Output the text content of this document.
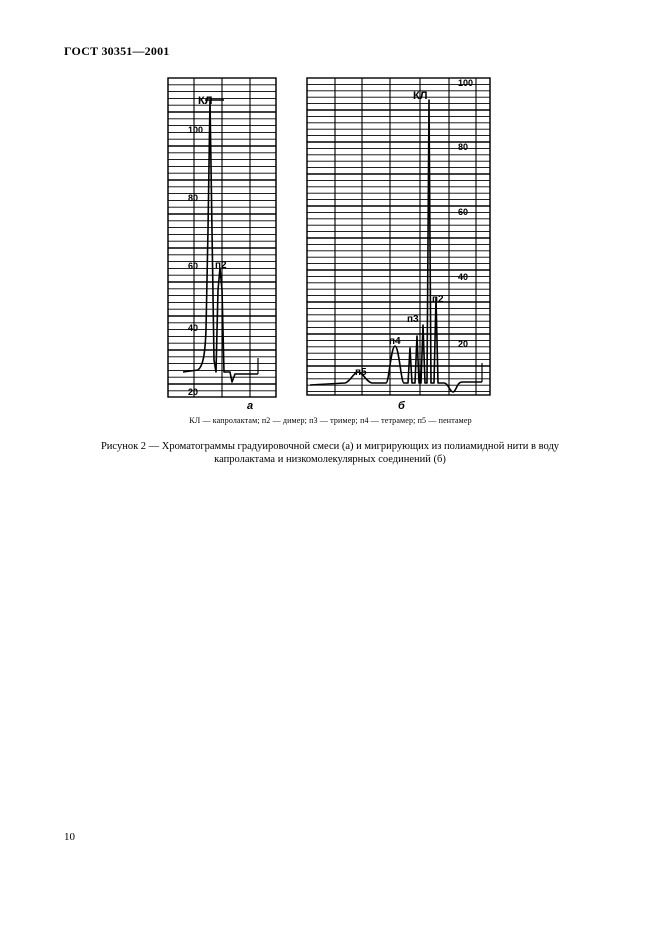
ГОСТ 30351—2001
100
80
60
40
20
КЛ
п2
а
100
80
60
40
20
КЛ
п2
п3
п4
п5
б
КЛ — капролактам; п2 — димер; п3 — тример; п4 — тетрамер; п5 — пентамер
Рисунок 2 — Хроматограммы градуировочной смеси (а) и мигрирующих из полиамидной нити в воду
капролактама и низкомолекулярных соединений (б)
10
